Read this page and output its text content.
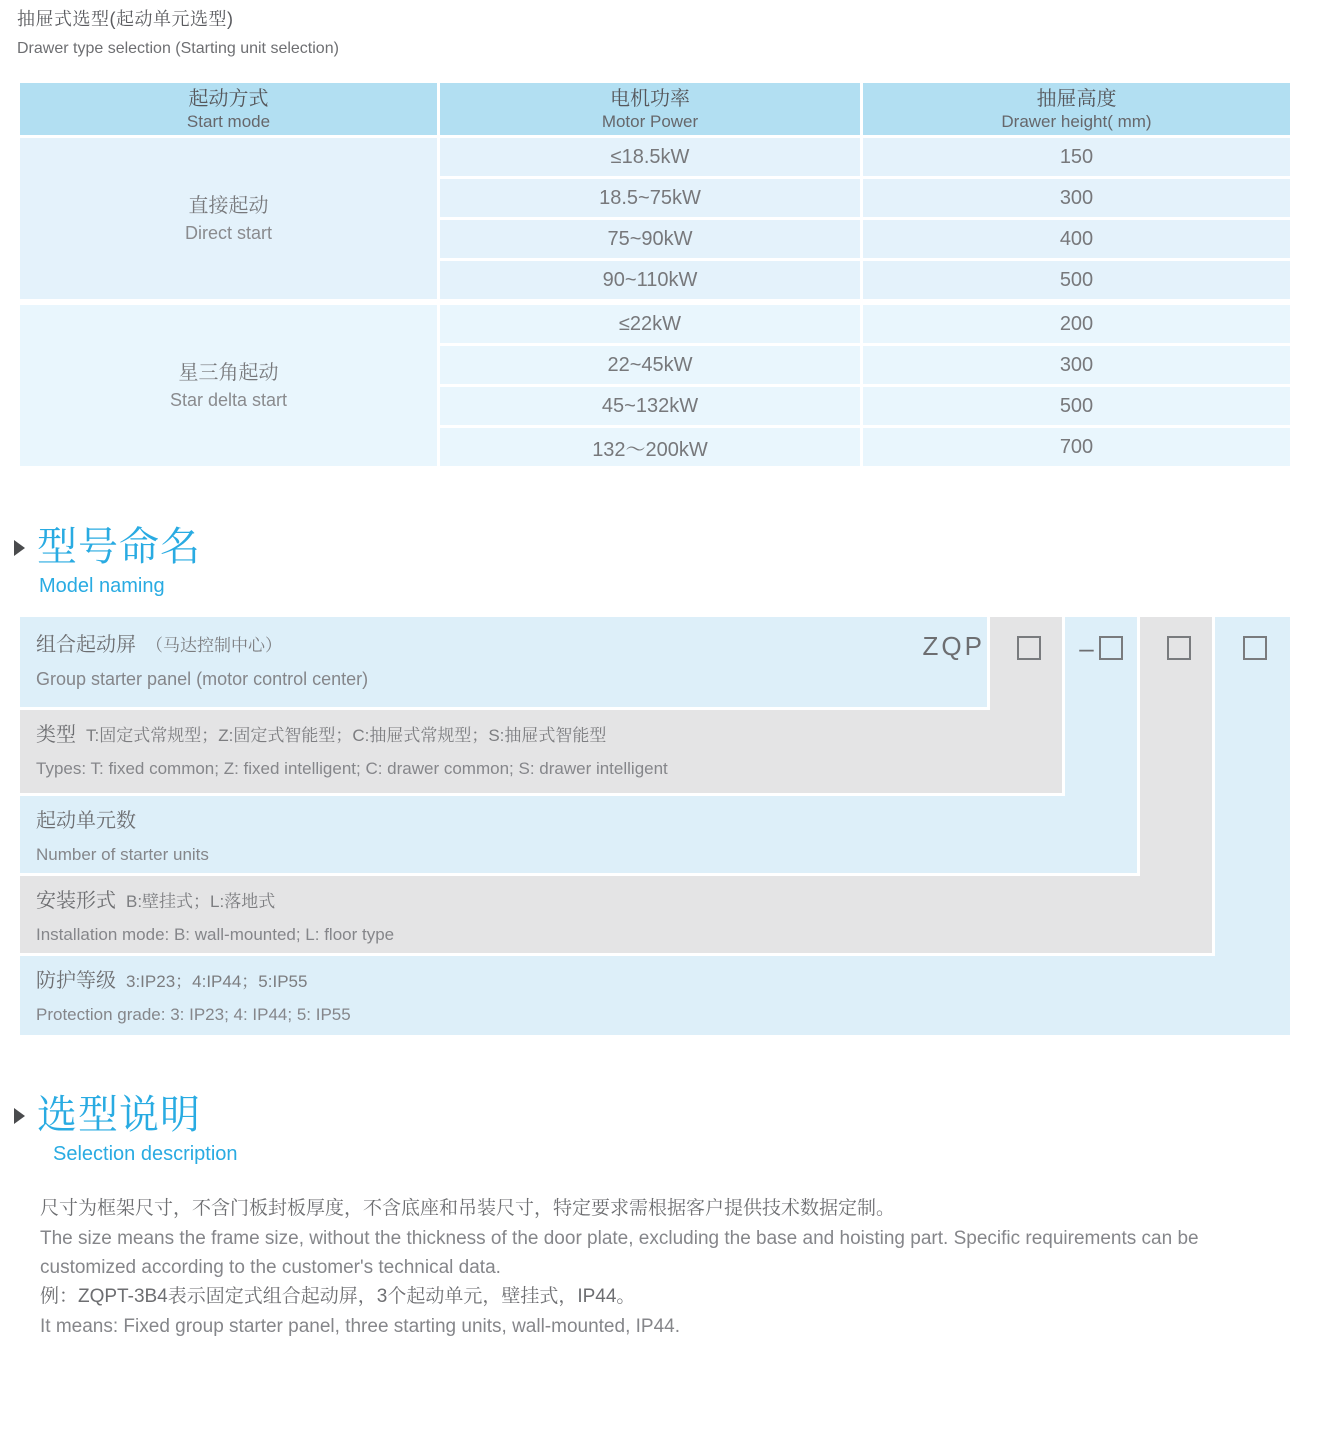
抽屉式选型(起动单元选型)
Drawer type selection (Starting unit selection)
起动方式
Start mode
电机功率
Motor Power
抽屉高度
Drawer height( mm)
直接起动
Direct start
≤18.5kW	150
18.5~75kW	300
75~90kW	400
90~110kW	500
星三角起动
Star delta start
≤22kW	200
22~45kW	300
45~132kW	500
132～200kW	700
型号命名
Model naming
组合起动屏 （马达控制中心）
Group starter panel (motor control center)
ZQP
类型 T:固定式常规型；Z:固定式智能型；C:抽屉式常规型；S:抽屉式智能型
Types: T: fixed common; Z: fixed intelligent; C: drawer common; S: drawer intelligent
起动单元数
Number of starter units
安装形式 B:壁挂式；L:落地式
Installation mode: B: wall-mounted; L: floor type
防护等级 3:IP23；4:IP44；5:IP55
Protection grade: 3: IP23; 4: IP44; 5: IP55
–
选型说明
Selection description
尺寸为框架尺寸，不含门板封板厚度，不含底座和吊装尺寸，特定要求需根据客户提供技术数据定制。
The size means the frame size, without the thickness of the door plate, excluding the base and hoisting part. Specific requirements can be customized according to the customer's technical data.
例：ZQPT-3B4表示固定式组合起动屏，3个起动单元，壁挂式，IP44。
It means: Fixed group starter panel, three starting units, wall-mounted, IP44.
